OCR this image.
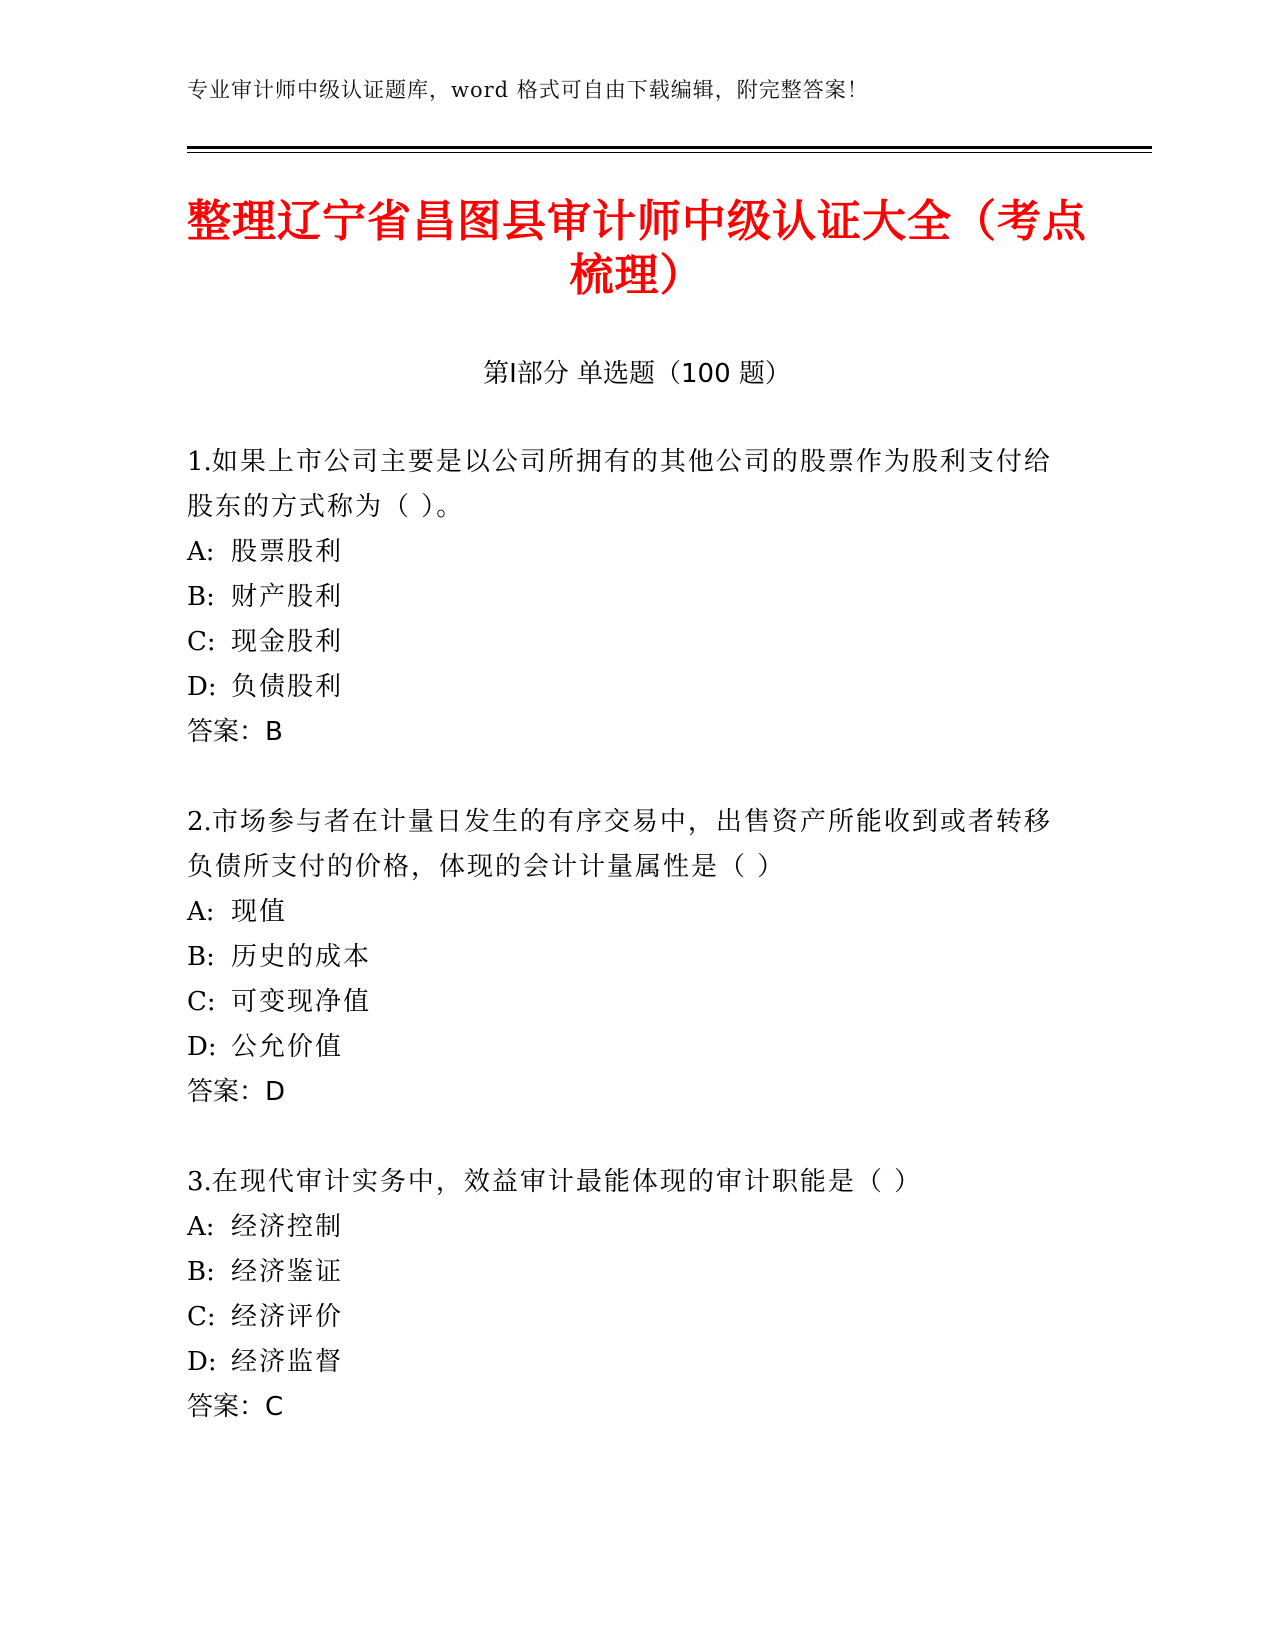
专业审计师中级认证题库，word 格式可自由下载编辑，附完整答案！
整理辽宁省昌图县审计师中级认证大全（考点梳理）
第Ⅰ部分 单选题（100 题）
1.如果上市公司主要是以公司所拥有的其他公司的股票作为股利支付给股东的方式称为（ ）。
A: 股票股利
B: 财产股利
C: 现金股利
D: 负债股利
答案：B
2.市场参与者在计量日发生的有序交易中，出售资产所能收到或者转移负债所支付的价格，体现的会计计量属性是（ ）
A: 现值
B: 历史的成本
C: 可变现净值
D: 公允价值
答案：D
3.在现代审计实务中，效益审计最能体现的审计职能是（ ）
A: 经济控制
B: 经济鉴证
C: 经济评价
D: 经济监督
答案：C
